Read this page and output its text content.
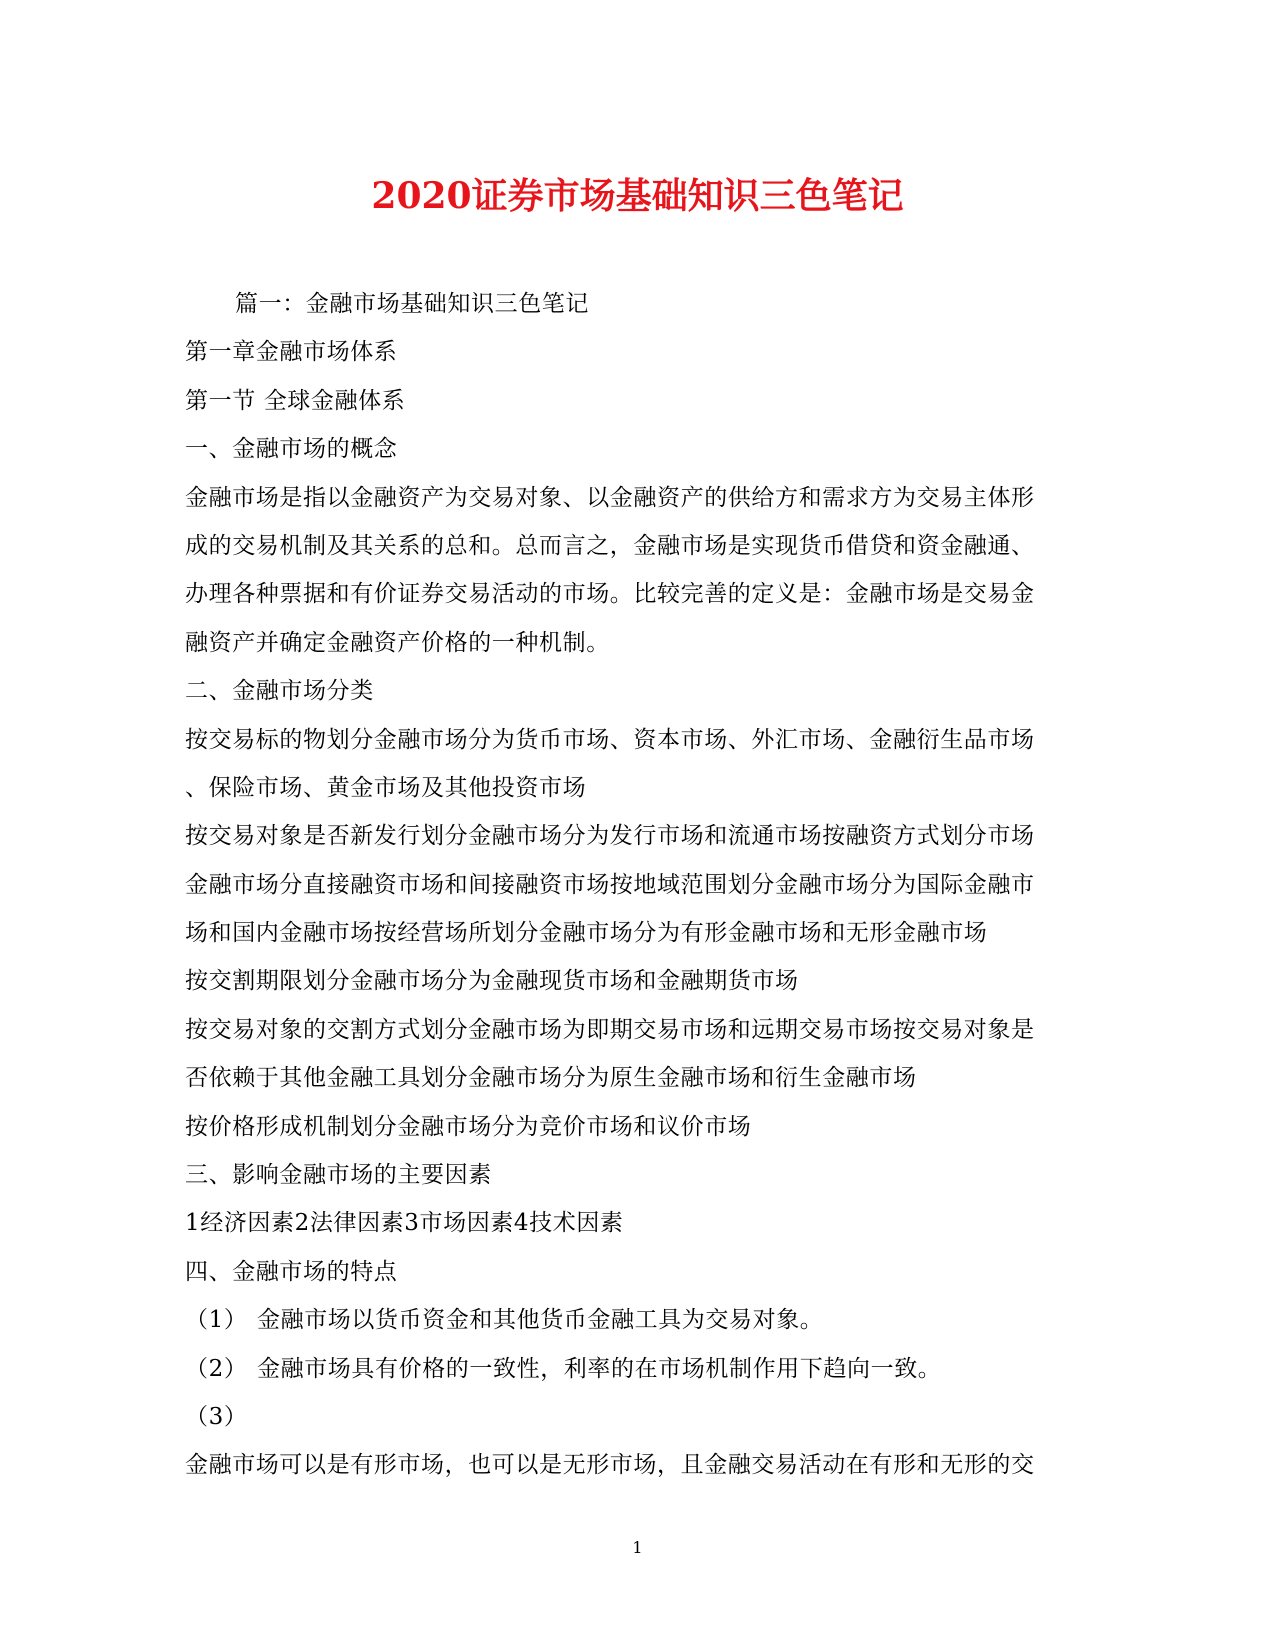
2020证券市场基础知识三色笔记
篇一：金融市场基础知识三色笔记
第一章金融市场体系
第一节 全球金融体系
一、金融市场的概念
金融市场是指以金融资产为交易对象、以金融资产的供给方和需求方为交易主体形
成的交易机制及其关系的总和。总而言之，金融市场是实现货币借贷和资金融通、
办理各种票据和有价证券交易活动的市场。比较完善的定义是：金融市场是交易金
融资产并确定金融资产价格的一种机制。
二、金融市场分类
按交易标的物划分金融市场分为货币市场、资本市场、外汇市场、金融衍生品市场
、保险市场、黄金市场及其他投资市场
按交易对象是否新发行划分金融市场分为发行市场和流通市场按融资方式划分市场
金融市场分直接融资市场和间接融资市场按地域范围划分金融市场分为国际金融市
场和国内金融市场按经营场所划分金融市场分为有形金融市场和无形金融市场
按交割期限划分金融市场分为金融现货市场和金融期货市场
按交易对象的交割方式划分金融市场为即期交易市场和远期交易市场按交易对象是
否依赖于其他金融工具划分金融市场分为原生金融市场和衍生金融市场
按价格形成机制划分金融市场分为竞价市场和议价市场
三、影响金融市场的主要因素
1经济因素2法律因素3市场因素4技术因素
四、金融市场的特点
（1） 金融市场以货币资金和其他货币金融工具为交易对象。
（2） 金融市场具有价格的一致性，利率的在市场机制作用下趋向一致。
（3）
金融市场可以是有形市场，也可以是无形市场，且金融交易活动在有形和无形的交
1
